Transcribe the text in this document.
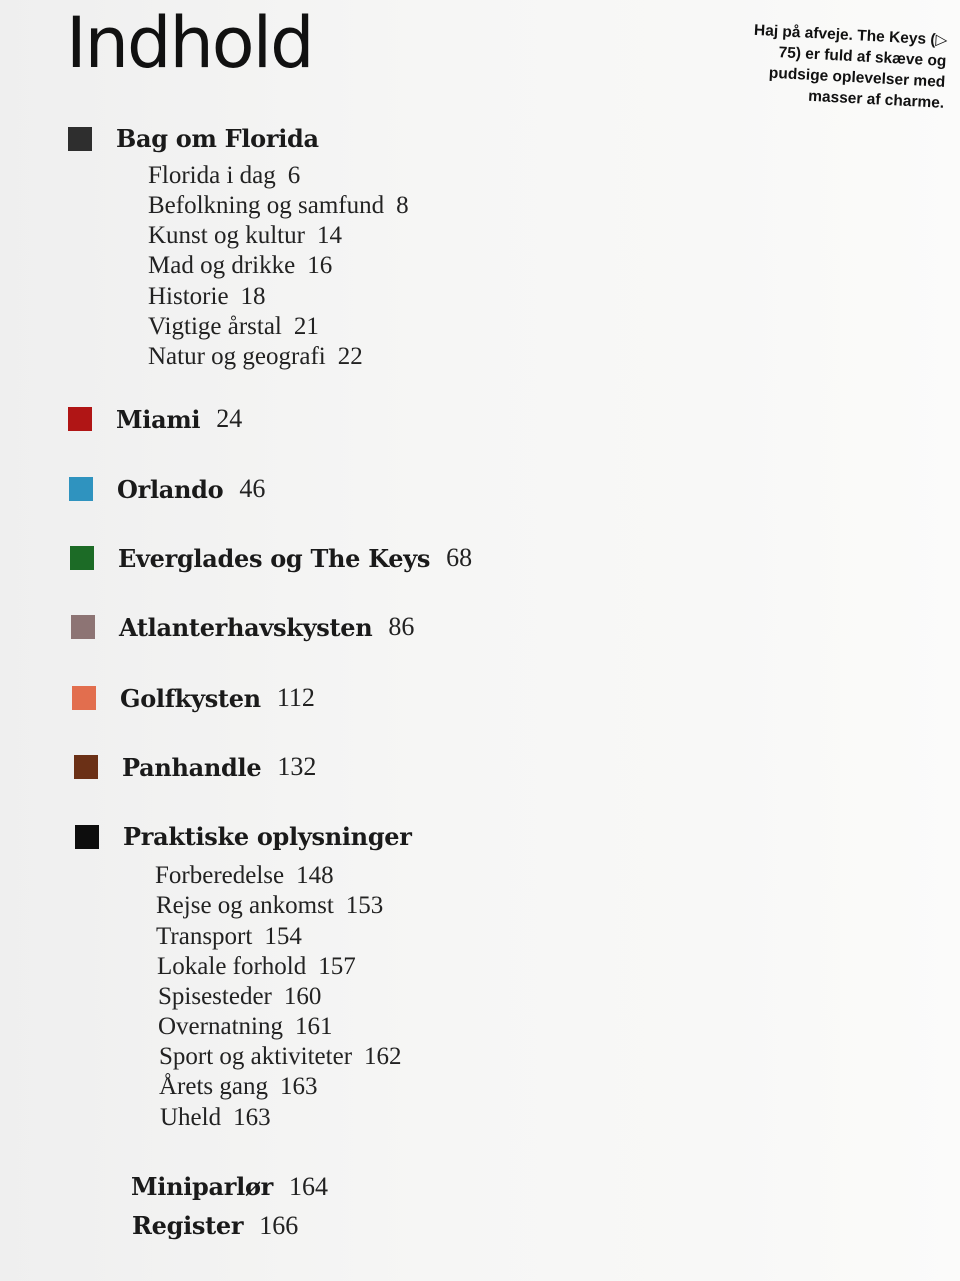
Indhold	Haj på afveje. The Keys (▷ 75) er fuld af skæve og pudsige oplevelser med masser af charme.
Bag om Florida
Florida i dag 6
Befolkning og samfund 8
Kunst og kultur 14
Mad og drikke 16
Historie 18
Vigtige årstal 21
Natur og geografi 22
Miami 24
Orlando 46
Everglades og The Keys 68
Atlanterhavskysten 86
Golfkysten 112
Panhandle 132
Praktiske oplysninger
Forberedelse 148
Rejse og ankomst 153
Transport 154
Lokale forhold 157
Spisesteder 160
Overnatning 161
Sport og aktiviteter 162
Årets gang 163
Uheld 163
Miniparlør 164
Register 166
